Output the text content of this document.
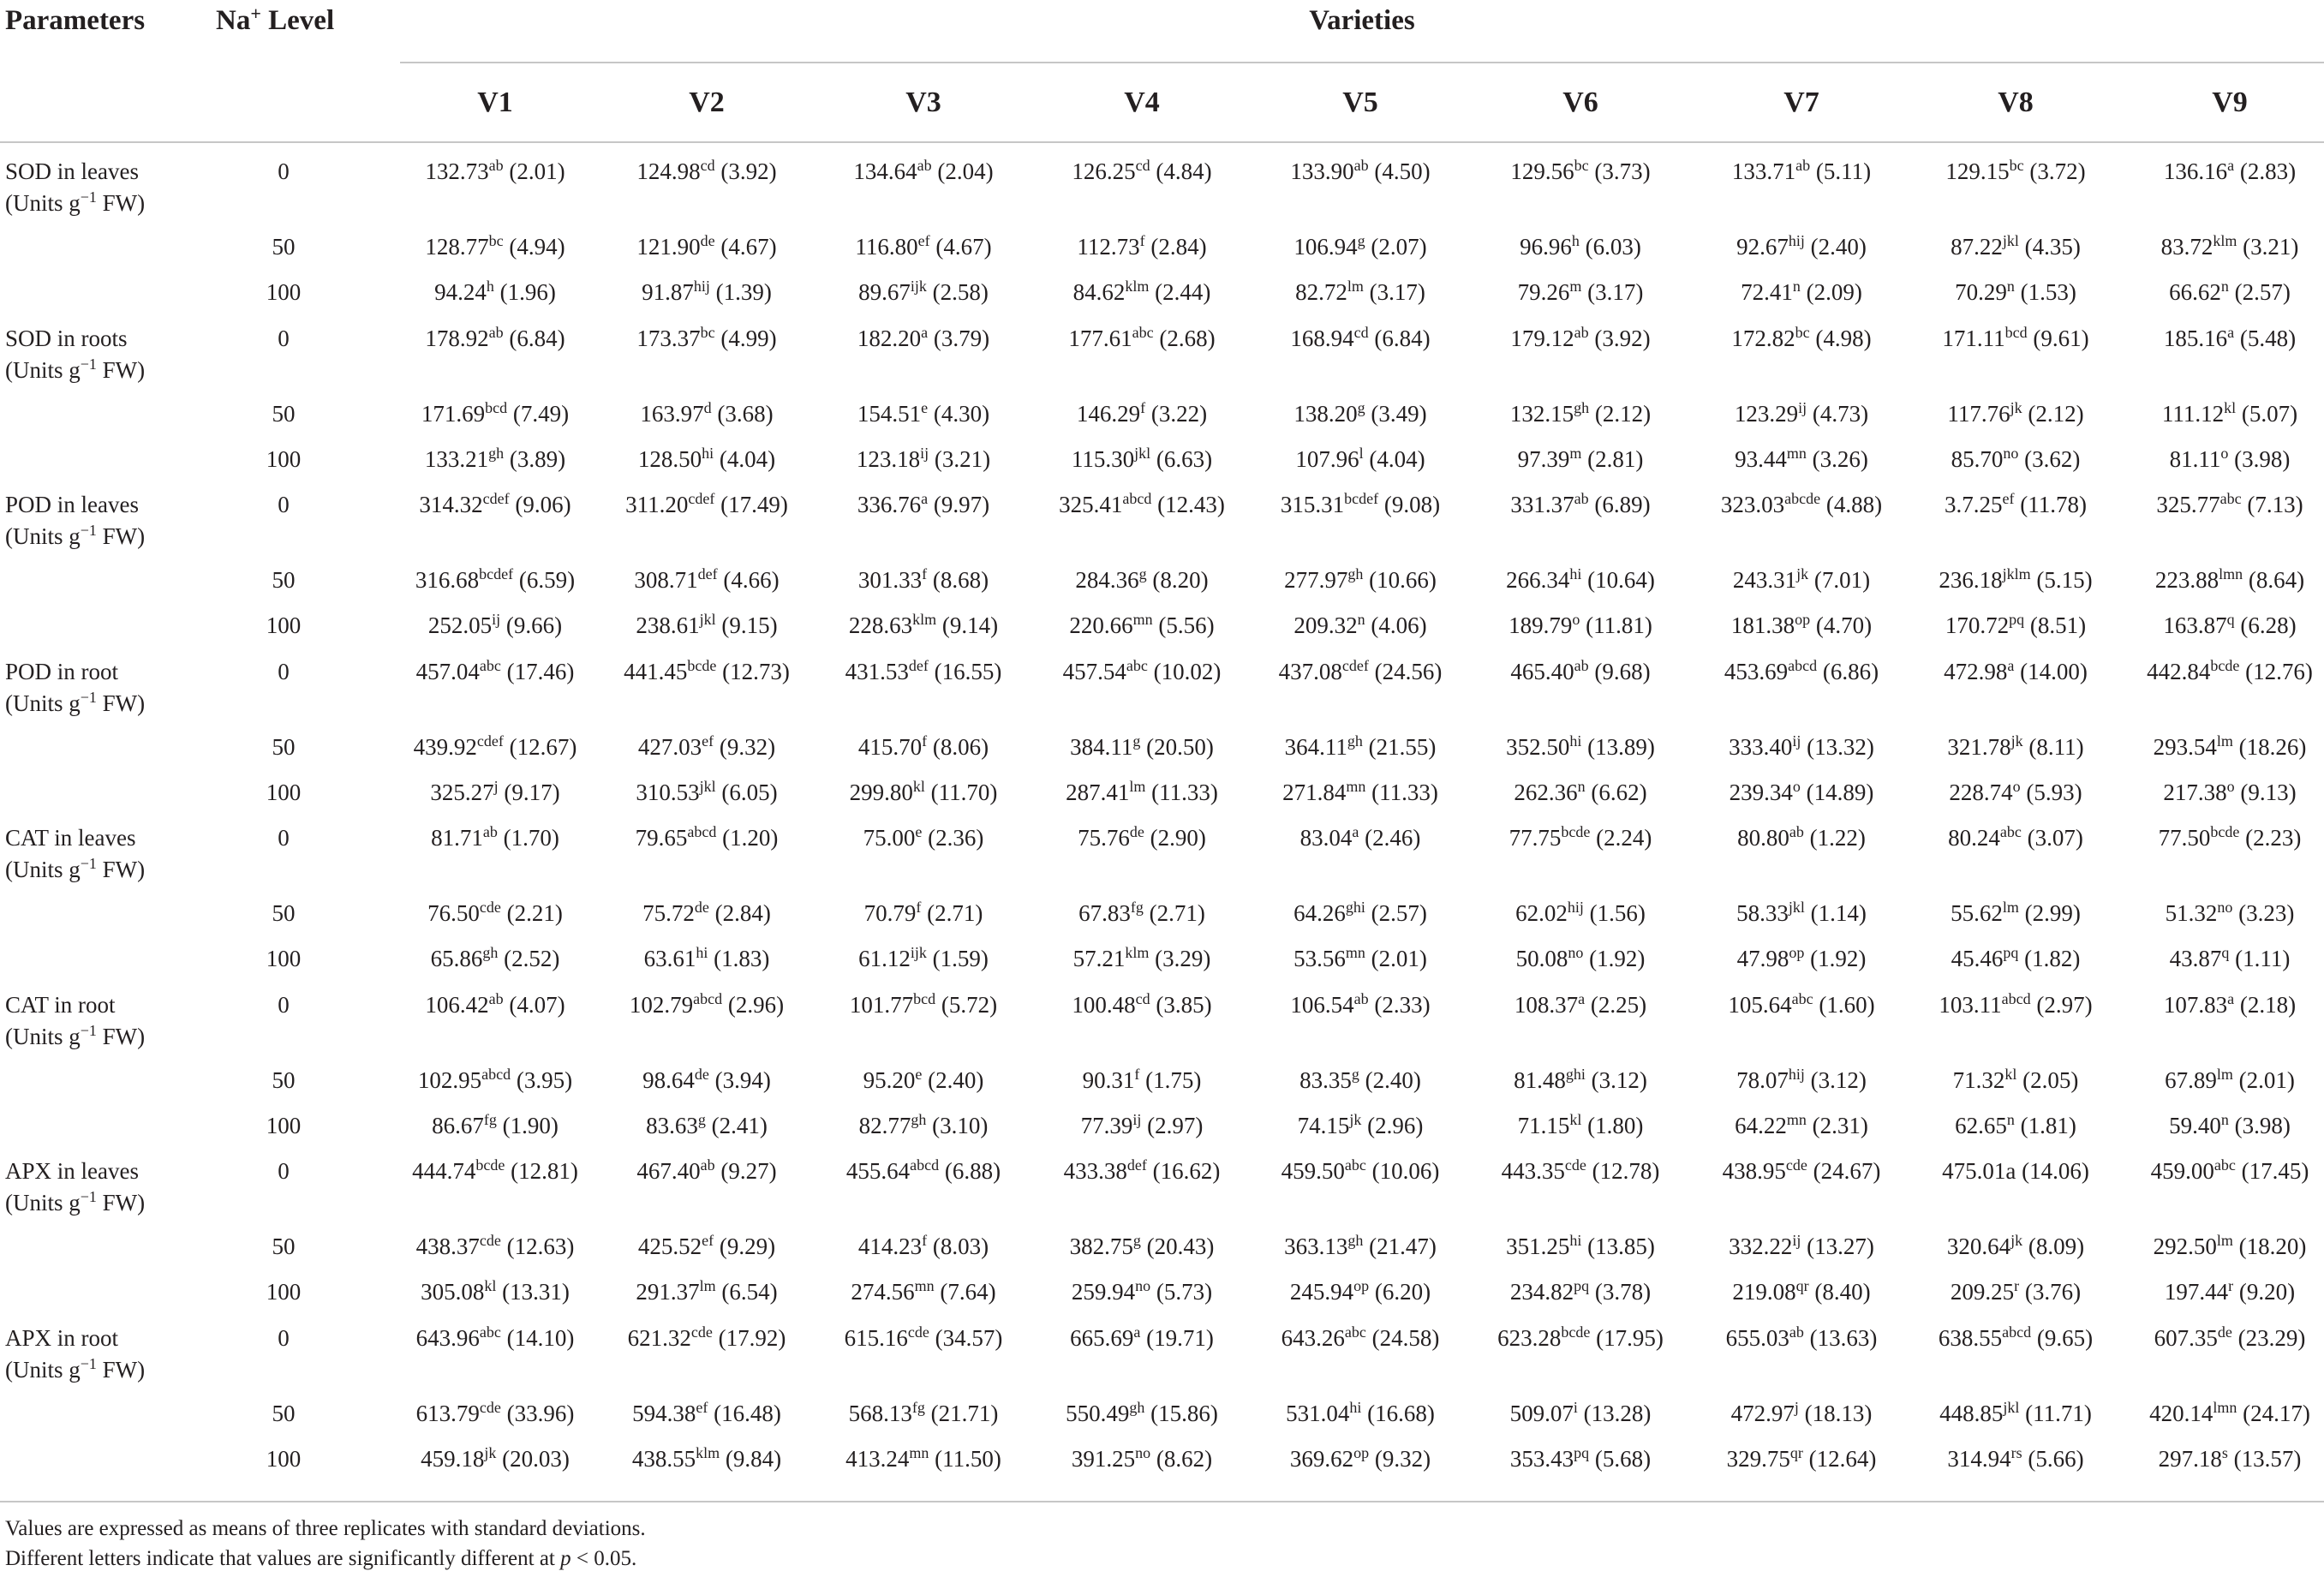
Parameters	Na+ Level	Varieties
V1	V2	V3	V4	V5	V6	V7	V8	V9
SOD in leaves
(Units $g^{-1}$ FW)
0	132.73$^{ab}$ (2.01)	124.98$^{cd}$ (3.92)	134.64$^{ab}$ (2.04)	126.25$^{cd}$ (4.84)	133.90$^{ab}$ (4.50)	129.56$^{bc}$ (3.73)	133.71$^{ab}$ (5.11)	129.15$^{bc}$ (3.72)	136.16$^a$ (2.83)
50	128.77$^{bc}$ (4.94)	121.90de (4.67)	116.80$^{ef}$ (4.67)	112.73$^f$ (2.84)	106.94$^g$ (2.07)	96.96$^h$ (6.03)	$92.67^{hij}$ (2.40)	$87.22^{jkl}$ (4.35)	$83.72^{klm}$ (3.21)
100	94.24$^h$ (1.96)	$91.87^{hij}$ (1.39)	$89.67^{ijk}$ (2.58)	$84.62^{klm}$ (2.44)	$82.72^{lm}$ (3.17)	79.26$^m$ (3.17)	72.41$^n$ (2.09)	70.29$^n$ (1.53)	66.62$^n$ (2.57)
SOD in roots
(Units $g^{-1}$ FW)
0	178.92$^{ab}$ (6.84)	173.37$^{bc}$ (4.99)	182.20$^a$ (3.79)	177.61$^{abc}$ (2.68)	168.94$^{cd}$ (6.84)	179.12$^{ab}$ (3.92)	172.82$^{bc}$ (4.98)	171.11$^{bcd}$ (9.61)	185.16$^a$ (5.48)
50	171.69$^{bcd}$ (7.49)	163.97$^d$ (3.68)	154.51e (4.30)	146.29$^f$ (3.22)	138.20$^g$ (3.49)	132.15$^{gh}$ (2.12)	$123.29^{ij}$ (4.73)	$117.76^{jk}$ (2.12)	$111.12^{kl}$ (5.07)
100	133.21$^{gh}$ (3.89)	$128.50^{hi}$ (4.04)	$123.18^{ij}$ (3.21)	$115.30^{jkl}$ (6.63)	107.96$^l$ (4.04)	97.39$^m$ (2.81)	$93.44^{mn}$ (3.26)	$85.70^{no}$ (3.62)	81.11$^o$ (3.98)
POD in leaves
(Units $g^{-1}$ FW)
0	$314.32^{cdef}$ (9.06)	$311.20^{cdef}$ (17.49)	336.76$^a$ (9.97)	$325.41^{abcd}$ (12.43)	$315.31^{bcdef}$ (9.08)	331.37$^{ab}$ (6.89)	$323.03^{abcde}$ (4.88)	3.7.25$^{ef}$ (11.78)	325.77$^{abc}$ (7.13)
50	$316.68^{bcdef}$ (6.59)	308.71$^{def}$ (4.66)	301.33$^f$ (8.68)	284.36$^g$ (8.20)	277.97$^{gh}$ (10.66)	$266.34^{hi}$ (10.64)	$243.31^{jk}$ (7.01)	$236.18^{jklm}$ (5.15)	$223.88^{lmn}$ (8.64)
100	$252.05^{ij}$ (9.66)	$238.61^{jkl}$ (9.15)	$228.63^{klm}$ (9.14)	$220.66^{mn}$ (5.56)	209.32$^n$ (4.06)	189.79$^o$ (11.81)	$181.38^{op}$ (4.70)	$170.72^{pq}$ (8.51)	163.87$^q$ (6.28)
POD in root
(Units $g^{-1}$ FW)
0	457.04$^{abc}$ (17.46)	$441.45^{bcde}$ (12.73)	431.53$^{def}$ (16.55)	457.54$^{abc}$ (10.02)	$437.08^{cdef}$ (24.56)	465.40$^{ab}$ (9.68)	$453.69^{abcd}$ (6.86)	472.98$^a$ (14.00)	$442.84^{bcde}$ (12.76)
50	$439.92^{cdef}$ (12.67)	427.03$^{ef}$ (9.32)	415.70$^f$ (8.06)	384.11$^g$ (20.50)	364.11$^{gh}$ (21.55)	$352.50^{hi}$ (13.89)	$333.40^{ij}$ (13.32)	$321.78^{jk}$ (8.11)	$293.54^{lm}$ (18.26)
100	325.27$^j$ (9.17)	$310.53^{jkl}$ (6.05)	$299.80^{kl}$ (11.70)	$287.41^{lm}$ (11.33)	$271.84^{mn}$ (11.33)	262.36$^n$ (6.62)	239.34$^o$ (14.89)	228.74$^o$ (5.93)	217.38$^o$ (9.13)
CAT in leaves
(Units $g^{-1}$ FW)
0	81.71$^{ab}$ (1.70)	$79.65^{abcd}$ (1.20)	75.00e (2.36)	75.76de (2.90)	83.04$^a$ (2.46)	$77.75^{bcde}$ (2.24)	80.80$^{ab}$ (1.22)	80.24$^{abc}$ (3.07)	$77.50^{bcde}$ (2.23)
50	76.50$^{cde}$ (2.21)	75.72de (2.84)	70.79$^f$ (2.71)	67.83$^{fg}$ (2.71)	$64.26^{ghi}$ (2.57)	$62.02^{hij}$ (1.56)	$58.33^{jkl}$ (1.14)	$55.62^{lm}$ (2.99)	$51.32^{no}$ (3.23)
100	65.86$^{gh}$ (2.52)	$63.61^{hi}$ (1.83)	$61.12^{ijk}$ (1.59)	$57.21^{klm}$ (3.29)	$53.56^{mn}$ (2.01)	$50.08^{no}$ (1.92)	$47.98^{op}$ (1.92)	$45.46^{pq}$ (1.82)	43.87$^q$ (1.11)
CAT in root
(Units $g^{-1}$ FW)
0	106.42$^{ab}$ (4.07)	$102.79^{abcd}$ (2.96)	101.77$^{bcd}$ (5.72)	100.48$^{cd}$ (3.85)	106.54$^{ab}$ (2.33)	108.37$^a$ (2.25)	105.64$^{abc}$ (1.60)	$103.11^{abcd}$ (2.97)	107.83$^a$ (2.18)
50	$102.95^{abcd}$ (3.95)	98.64de (3.94)	95.20e (2.40)	90.31$^f$ (1.75)	83.35$^g$ (2.40)	$81.48^{ghi}$ (3.12)	$78.07^{hij}$ (3.12)	$71.32^{kl}$ (2.05)	$67.89^{lm}$ (2.01)
100	86.67$^{fg}$ (1.90)	83.63$^g$ (2.41)	82.77$^{gh}$ (3.10)	$77.39^{ij}$ (2.97)	$74.15^{jk}$ (2.96)	$71.15^{kl}$ (1.80)	$64.22^{mn}$ (2.31)	62.65$^n$ (1.81)	59.40$^n$ (3.98)
APX in leaves
(Units $g^{-1}$ FW)
0	$444.74^{bcde}$ (12.81)	467.40$^{ab}$ (9.27)	$455.64^{abcd}$ (6.88)	433.38$^{def}$ (16.62)	459.50$^{abc}$ (10.06)	443.35$^{cde}$ (12.78)	438.95$^{cde}$ (24.67)	475.01a (14.06)	459.00$^{abc}$ (17.45)
50	438.37$^{cde}$ (12.63)	425.52$^{ef}$ (9.29)	414.23$^f$ (8.03)	382.75$^g$ (20.43)	363.13$^{gh}$ (21.47)	$351.25^{hi}$ (13.85)	$332.22^{ij}$ (13.27)	$320.64^{jk}$ (8.09)	$292.50^{lm}$ (18.20)
100	$305.08^{kl}$ (13.31)	$291.37^{lm}$ (6.54)	$274.56^{mn}$ (7.64)	$259.94^{no}$ (5.73)	$245.94^{op}$ (6.20)	$234.82^{pq}$ (3.78)	$219.08^{qr}$ (8.40)	209.25$^r$ (3.76)	197.44$^r$ (9.20)
APX in root
(Units $g^{-1}$ FW)
0	643.96$^{abc}$ (14.10)	621.32$^{cde}$ (17.92)	615.16$^{cde}$ (34.57)	665.69$^a$ (19.71)	643.26$^{abc}$ (24.58)	$623.28^{bcde}$ (17.95)	655.03$^{ab}$ (13.63)	$638.55^{abcd}$ (9.65)	607.35de (23.29)
50	613.79$^{cde}$ (33.96)	594.38$^{ef}$ (16.48)	568.13$^{fg}$ (21.71)	550.49$^{gh}$ (15.86)	$531.04^{hi}$ (16.68)	509.07$^i$ (13.28)	472.97$^j$ (18.13)	$448.85^{jkl}$ (11.71)	$420.14^{lmn}$ (24.17)
100	$459.18^{jk}$ (20.03)	$438.55^{klm}$ (9.84)	$413.24^{mn}$ (11.50)	$391.25^{no}$ (8.62)	$369.62^{op}$ (9.32)	$353.43^{pq}$ (5.68)	$329.75^{qr}$ (12.64)	$314.94^{rs}$ (5.66)	297.18$^s$ (13.57)
Values are expressed as means of three replicates with standard deviations.
Different letters indicate that values are significantly different at p < 0.05.
